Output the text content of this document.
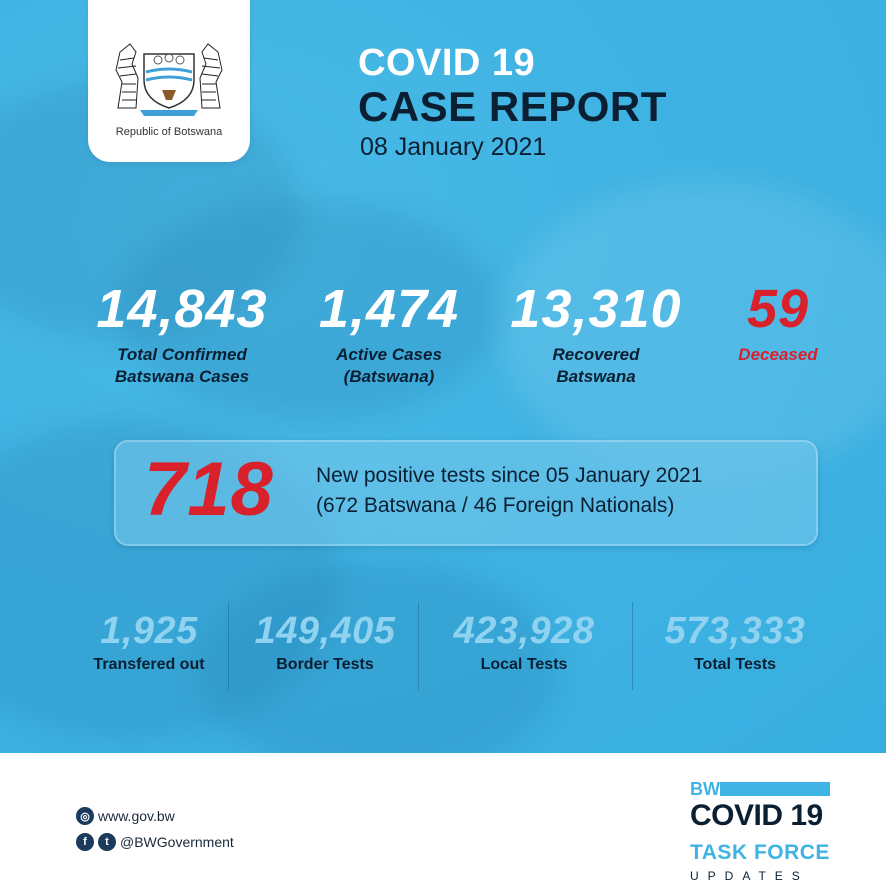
Republic of Botswana
COVID 19
CASE REPORT
08 January 2021
14,843
Total Confirmed
Batswana Cases
1,474
Active Cases
(Batswana)
13,310
Recovered
Batswana
59
Deceased
718 New positive tests since 05 January 2021
(672 Batswana / 46 Foreign Nationals)
1,925
Transfered out
149,405
Border Tests
423,928
Local Tests
573,333
Total Tests
◎ www.gov.bw
f	t @BWGovernment
BW
COVID 19
TASK FORCE
UPDATES
